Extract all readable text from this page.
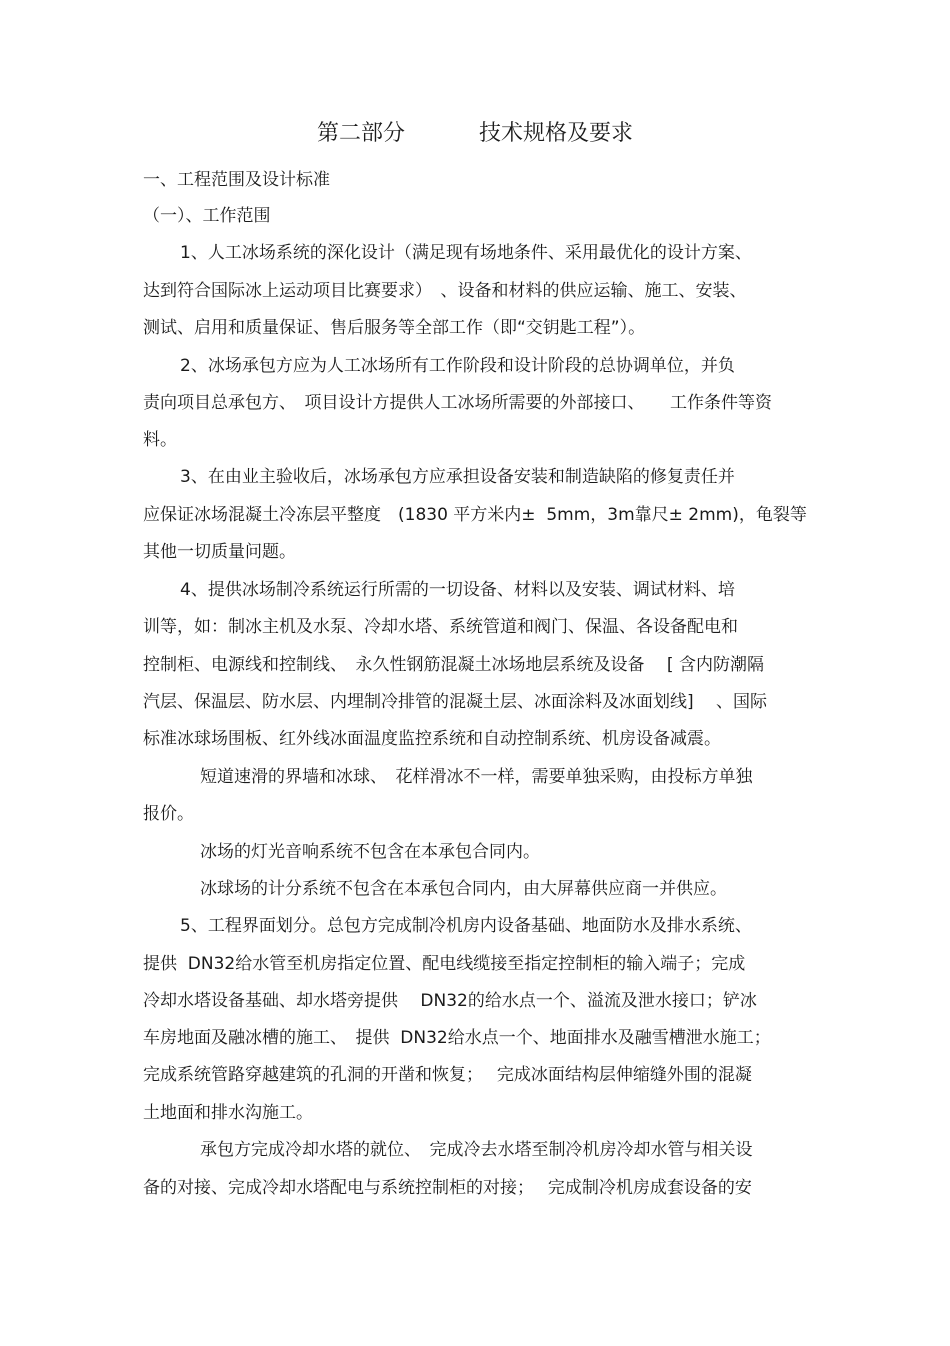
第二部分	技术规格及要求
一、工程范围及设计标准
（一）、工作范围
1、人工冰场系统的深化设计（满足现有场地条件、采用最优化的设计方案、
达到符合国际冰上运动项目比赛要求）　、设备和材料的供应运输、施工、安装、
测试、启用和质量保证、售后服务等全部工作（即“交钥匙工程”）。
2、冰场承包方应为人工冰场所有工作阶段和设计阶段的总协调单位，并负
责向项目总承包方、　项目设计方提供人工冰场所需要的外部接口、　　工作条件等资
料。
3、在由业主验收后，冰场承包方应承担设备安装和制造缺陷的修复责任并
应保证冰场混凝土冷冻层平整度　(1830 平方米内±  5mm，3m靠尺± 2mm)，龟裂等
其他一切质量问题。
4、提供冰场制冷系统运行所需的一切设备、材料以及安装、调试材料、培
训等，如：制冰主机及水泵、冷却水塔、系统管道和阀门、保温、各设备配电和
控制柜、电源线和控制线、　永久性钢筋混凝土冰场地层系统及设备　 [ 含内防潮隔
汽层、保温层、防水层、内埋制冷排管的混凝土层、冰面涂料及冰面划线]　 、国际
标准冰球场围板、红外线冰面温度监控系统和自动控制系统、机房设备减震。
短道速滑的界墙和冰球、　花样滑冰不一样，需要单独采购，由投标方单独
报价。
冰场的灯光音响系统不包含在本承包合同内。
冰球场的计分系统不包含在本承包合同内，由大屏幕供应商一并供应。
5、工程界面划分。总包方完成制冷机房内设备基础、地面防水及排水系统、
提供  DN32给水管至机房指定位置、配电线缆接至指定控制柜的输入端子；完成
冷却水塔设备基础、却水塔旁提供　 DN32的给水点一个、溢流及泄水接口；铲冰
车房地面及融冰槽的施工、　提供  DN32给水点一个、地面排水及融雪槽泄水施工；
完成系统管路穿越建筑的孔洞的开凿和恢复；　 完成冰面结构层伸缩缝外围的混凝
土地面和排水沟施工。
承包方完成冷却水塔的就位、　完成冷去水塔至制冷机房冷却水管与相关设
备的对接、完成冷却水塔配电与系统控制柜的对接；　 完成制冷机房成套设备的安
